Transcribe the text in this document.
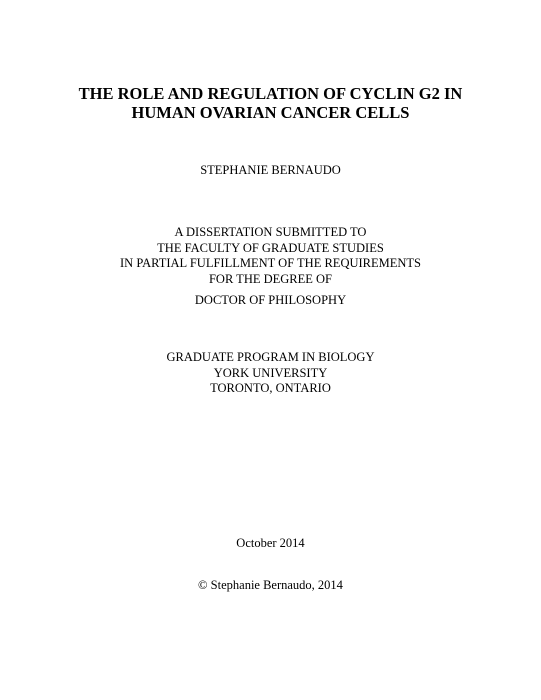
THE ROLE AND REGULATION OF CYCLIN G2 IN
HUMAN OVARIAN CANCER CELLS
STEPHANIE BERNAUDO
A DISSERTATION SUBMITTED TO
THE FACULTY OF GRADUATE STUDIES
IN PARTIAL FULFILLMENT OF THE REQUIREMENTS
FOR THE DEGREE OF
DOCTOR OF PHILOSOPHY
GRADUATE PROGRAM IN BIOLOGY
YORK UNIVERSITY
TORONTO, ONTARIO
October 2014
© Stephanie Bernaudo, 2014
